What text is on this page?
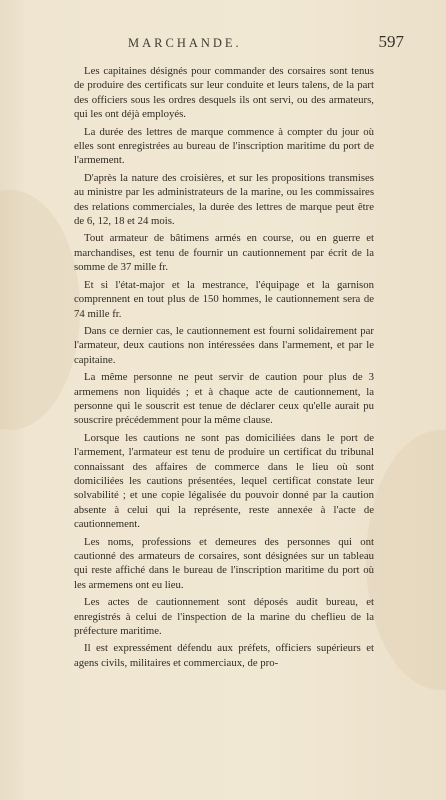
MARCHANDE.	597

Les capitaines désignés pour commander des corsaires sont tenus de produire des certificats sur leur conduite et leurs talens, de la part des officiers sous les ordres desquels ils ont servi, ou des armateurs, qui les ont déjà employés.

La durée des lettres de marque commence à compter du jour où elles sont enregistrées au bureau de l'inscription maritime du port de l'armement.

D'après la nature des croisières, et sur les propositions transmises au ministre par les administrateurs de la marine, ou les commissaires des relations commerciales, la durée des lettres de marque peut être de 6, 12, 18 et 24 mois.

Tout armateur de bâtimens armés en course, ou en guerre et marchandises, est tenu de fournir un cautionnement par écrit de la somme de 37 mille fr.

Et si l'état-major et la mestrance, l'équipage et la garnison comprennent en tout plus de 150 hommes, le cautionnement sera de 74 mille fr.

Dans ce dernier cas, le cautionnement est fourni solidairement par l'armateur, deux cautions non intéressées dans l'armement, et par le capitaine.

La même personne ne peut servir de caution pour plus de 3 armemens non liquidés ; et à chaque acte de cautionnement, la personne qui le souscrit est tenue de déclarer ceux qu'elle aurait pu souscrire précédemment pour la même clause.

Lorsque les cautions ne sont pas domiciliées dans le port de l'armement, l'armateur est tenu de produire un certificat du tribunal connaissant des affaires de commerce dans le lieu où sont domiciliées les cautions présentées, lequel certificat constate leur solvabilité ; et une copie légalisée du pouvoir donné par la caution absente à celui qui la représente, reste annexée à l'acte de cautionnement.

Les noms, professions et demeures des personnes qui ont cautionné des armateurs de corsaires, sont désignées sur un tableau qui reste affiché dans le bureau de l'inscription maritime du port où les armemens ont eu lieu.

Les actes de cautionnement sont déposés audit bureau, et enregistrés à celui de l'inspection de la marine du cheflieu de la préfecture maritime.

Il est expressément défendu aux préfets, officiers supérieurs et agens civils, militaires et commerciaux, de pro-
